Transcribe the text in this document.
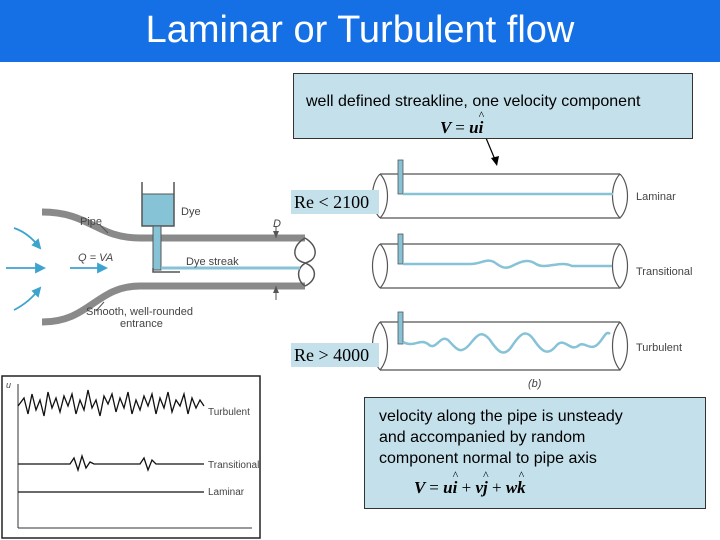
Laminar or Turbulent flow
Dye
Pipe
Q = VA	Dye streak
D
Smooth, well-rounded
entrance
Laminar
Transitional
Turbulent
(b)
u
Turbulent
Transitional
Laminar
Re < 2100
Re > 4000
well defined streakline, one velocity component
V = u^ i
velocity along the pipe is unsteady
and accompanied by random
component normal to pipe axis
V = u^ i + v^ j + w^ k
